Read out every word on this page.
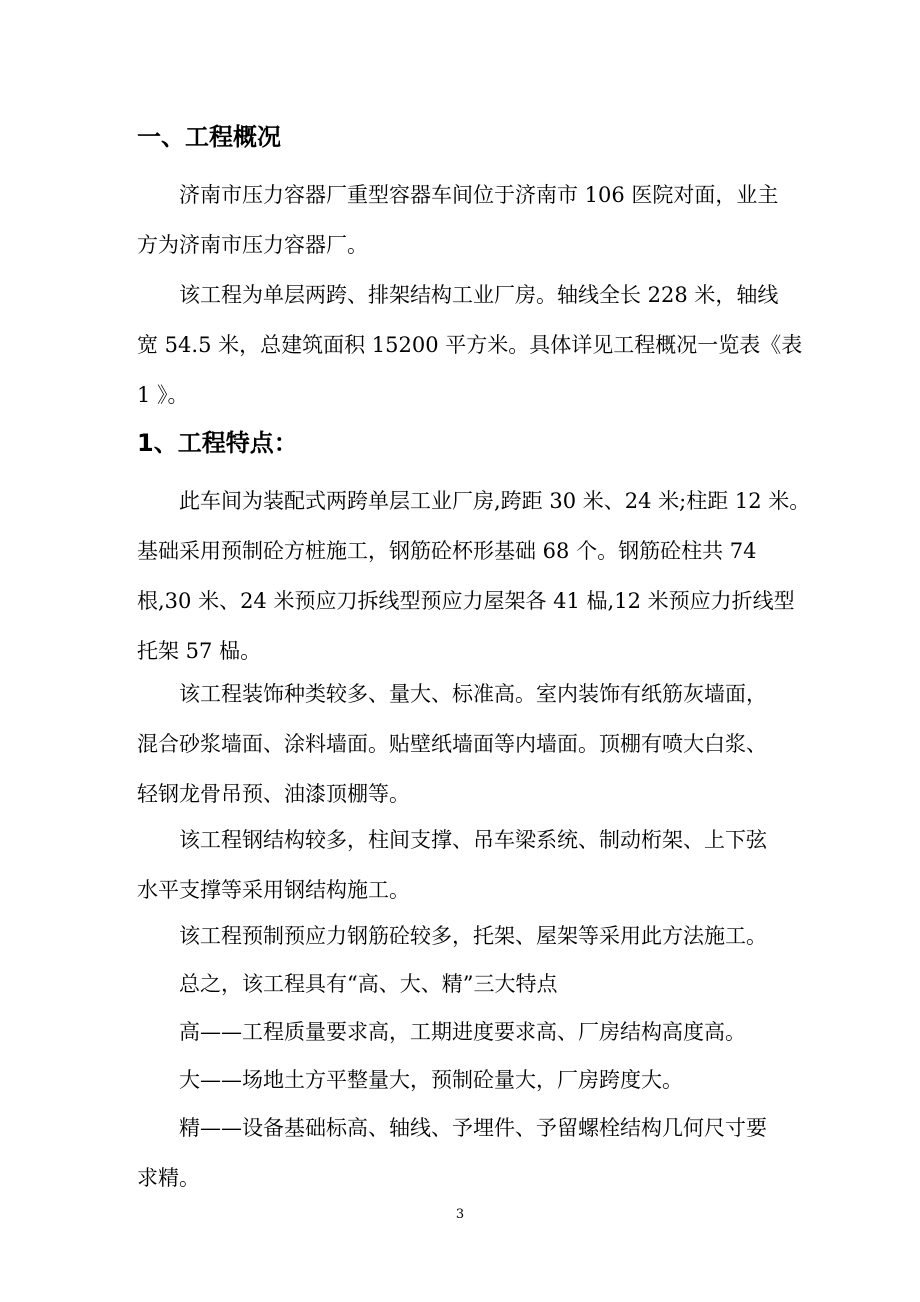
一、工程概况

济南市压力容器厂重型容器车间位于济南市 106 医院对面，业主
方为济南市压力容器厂。

该工程为单层两跨、排架结构工业厂房。轴线全长 228 米，轴线
宽 54.5 米，总建筑面积 15200 平方米。具体详见工程概况一览表《表
1 》。

1、工程特点：

此车间为装配式两跨单层工业厂房,跨距 30 米、24 米;柱距 12 米。
基础采用预制砼方桩施工，钢筋砼杯形基础 68 个。钢筋砼柱共 74
根,30 米、24 米预应刀拆线型预应力屋架各 41 榀,12 米预应力折线型
托架 57 榀。

该工程装饰种类较多、量大、标准高。室内装饰有纸筋灰墙面，
混合砂浆墙面、涂料墙面。贴壁纸墙面等内墙面。顶棚有喷大白浆、
轻钢龙骨吊预、油漆顶棚等。

该工程钢结构较多，柱间支撑、吊车梁系统、制动桁架、上下弦
水平支撑等采用钢结构施工。

该工程预制预应力钢筋砼较多，托架、屋架等采用此方法施工。

总之，该工程具有“高、大、精”三大特点

高——工程质量要求高，工期进度要求高、厂房结构高度高。

大——场地土方平整量大，预制砼量大，厂房跨度大。

精——设备基础标高、轴线、予埋件、予留螺栓结构几何尺寸要
求精。

3
